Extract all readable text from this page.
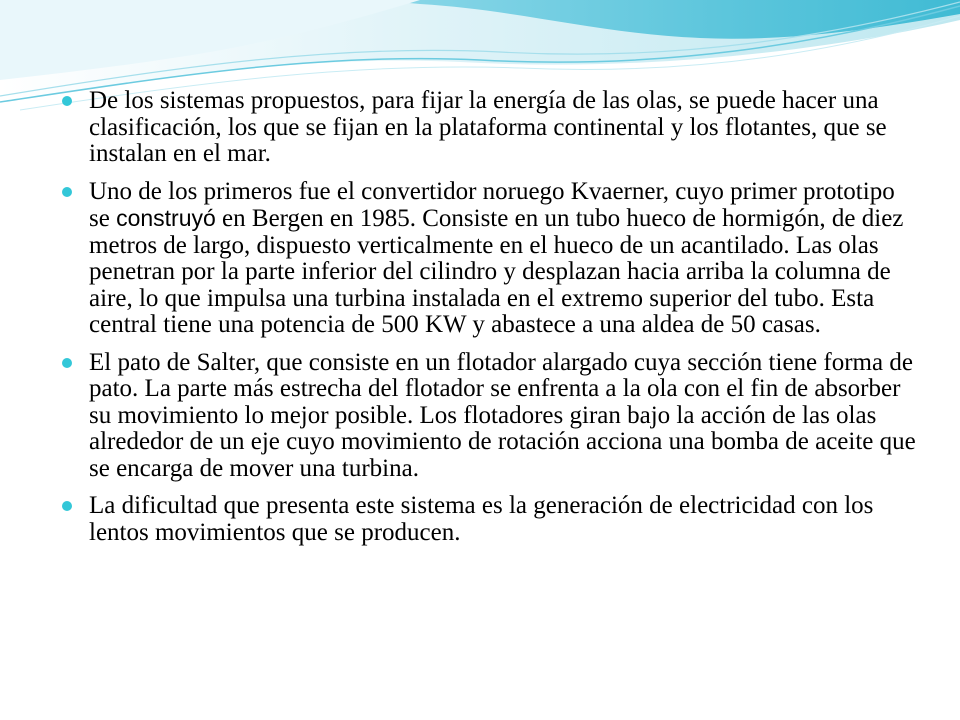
De los sistemas propuestos, para fijar la energía de las olas, se puede hacer una clasificación, los que se fijan en la plataforma continental y los flotantes, que se instalan en el mar.
Uno de los primeros fue el convertidor noruego Kvaerner, cuyo primer prototipo se construyó en Bergen en 1985. Consiste en un tubo hueco de hormigón, de diez metros de largo, dispuesto verticalmente en el hueco de un acantilado. Las olas penetran por la parte inferior del cilindro y desplazan hacia arriba la columna de aire, lo que impulsa una turbina instalada en el extremo superior del tubo. Esta central tiene una potencia de 500 KW y abastece a una aldea de 50 casas.
El pato de Salter, que consiste en un flotador alargado cuya sección tiene forma de pato. La parte más estrecha del flotador se enfrenta a la ola con el fin de absorber su movimiento lo mejor posible. Los flotadores giran bajo la acción de las olas alrededor de un eje cuyo movimiento de rotación acciona una bomba de aceite que se encarga de mover una turbina.
La dificultad que presenta este sistema es la generación de electricidad con los lentos movimientos que se producen.
